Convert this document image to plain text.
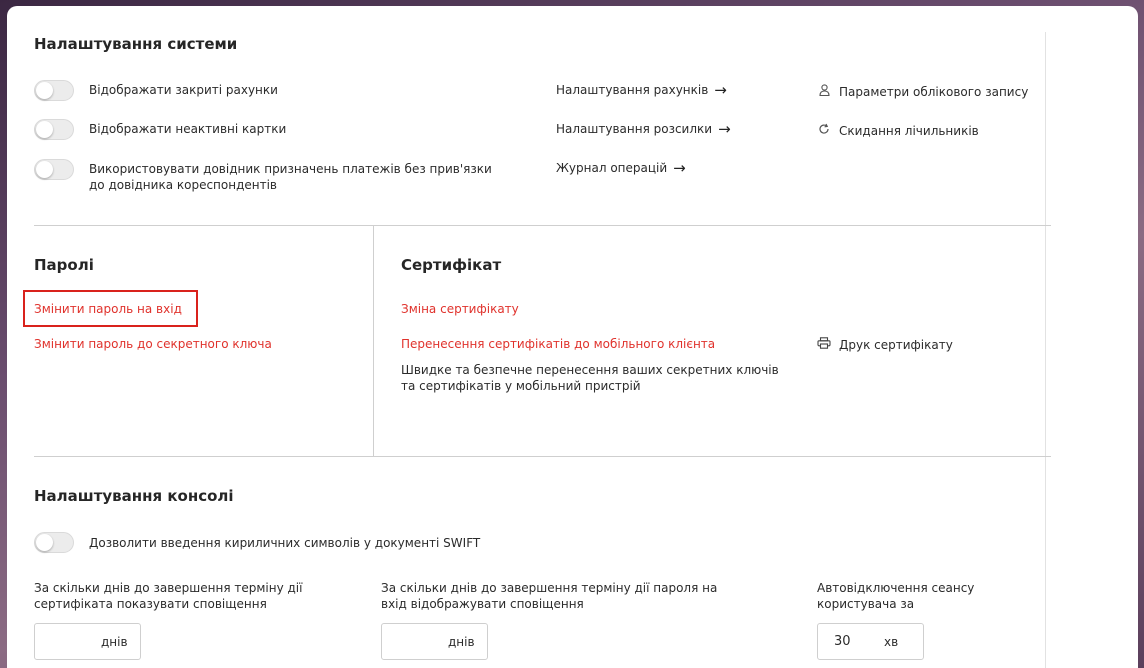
Налаштування системи
Відображати закриті рахунки
Відображати неактивні картки
Використовувати довідник призначень платежів без прив'язки до довідника кореспондентів
Налаштування рахунків →
Налаштування розсилки →
Журнал операцій →
Параметри облікового запису
Скидання лічильників
Паролі
Змінити пароль на вхід
Змінити пароль до секретного ключа
Сертифікат
Зміна сертифікату
Перенесення сертифікатів до мобільного клієнта
Швидке та безпечне перенесення ваших секретних ключів та сертифікатів у мобільний пристрій
Друк сертифікату
Налаштування консолі
Дозволити введення кириличних символів у документі SWIFT
За скільки днів до завершення терміну дії сертифіката показувати сповіщення
днів
За скільки днів до завершення терміну дії пароля на вхід відображувати сповіщення
днів
Автовідключення сеансу користувача за
30	хв
